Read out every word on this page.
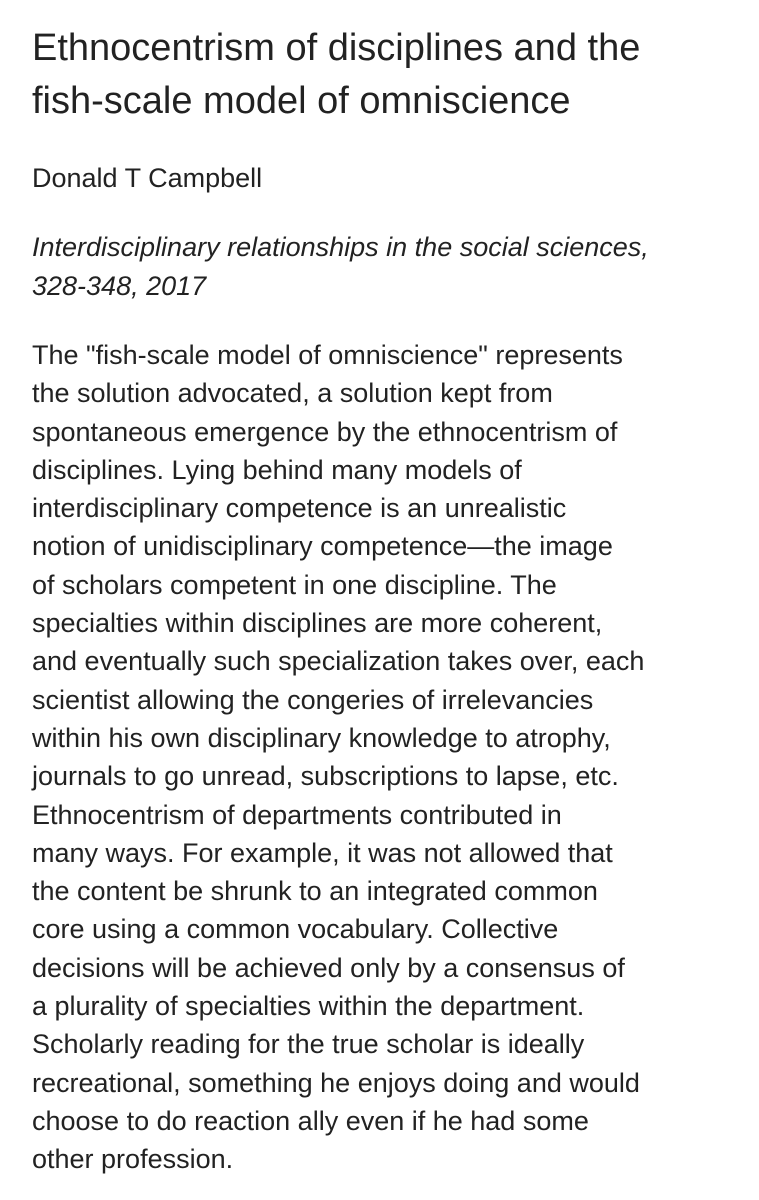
Ethnocentrism of disciplines and the
fish-scale model of omniscience

Donald T Campbell

Interdisciplinary relationships in the social sciences,
328-348, 2017

The "fish-scale model of omniscience" represents
the solution advocated, a solution kept from
spontaneous emergence by the ethnocentrism of
disciplines. Lying behind many models of
interdisciplinary competence is an unrealistic
notion of unidisciplinary competence—the image
of scholars competent in one discipline. The
specialties within disciplines are more coherent,
and eventually such specialization takes over, each
scientist allowing the congeries of irrelevancies
within his own disciplinary knowledge to atrophy,
journals to go unread, subscriptions to lapse, etc.
Ethnocentrism of departments contributed in
many ways. For example, it was not allowed that
the content be shrunk to an integrated common
core using a common vocabulary. Collective
decisions will be achieved only by a consensus of
a plurality of specialties within the department.
Scholarly reading for the true scholar is ideally
recreational, something he enjoys doing and would
choose to do reaction ally even if he had some
other profession.
